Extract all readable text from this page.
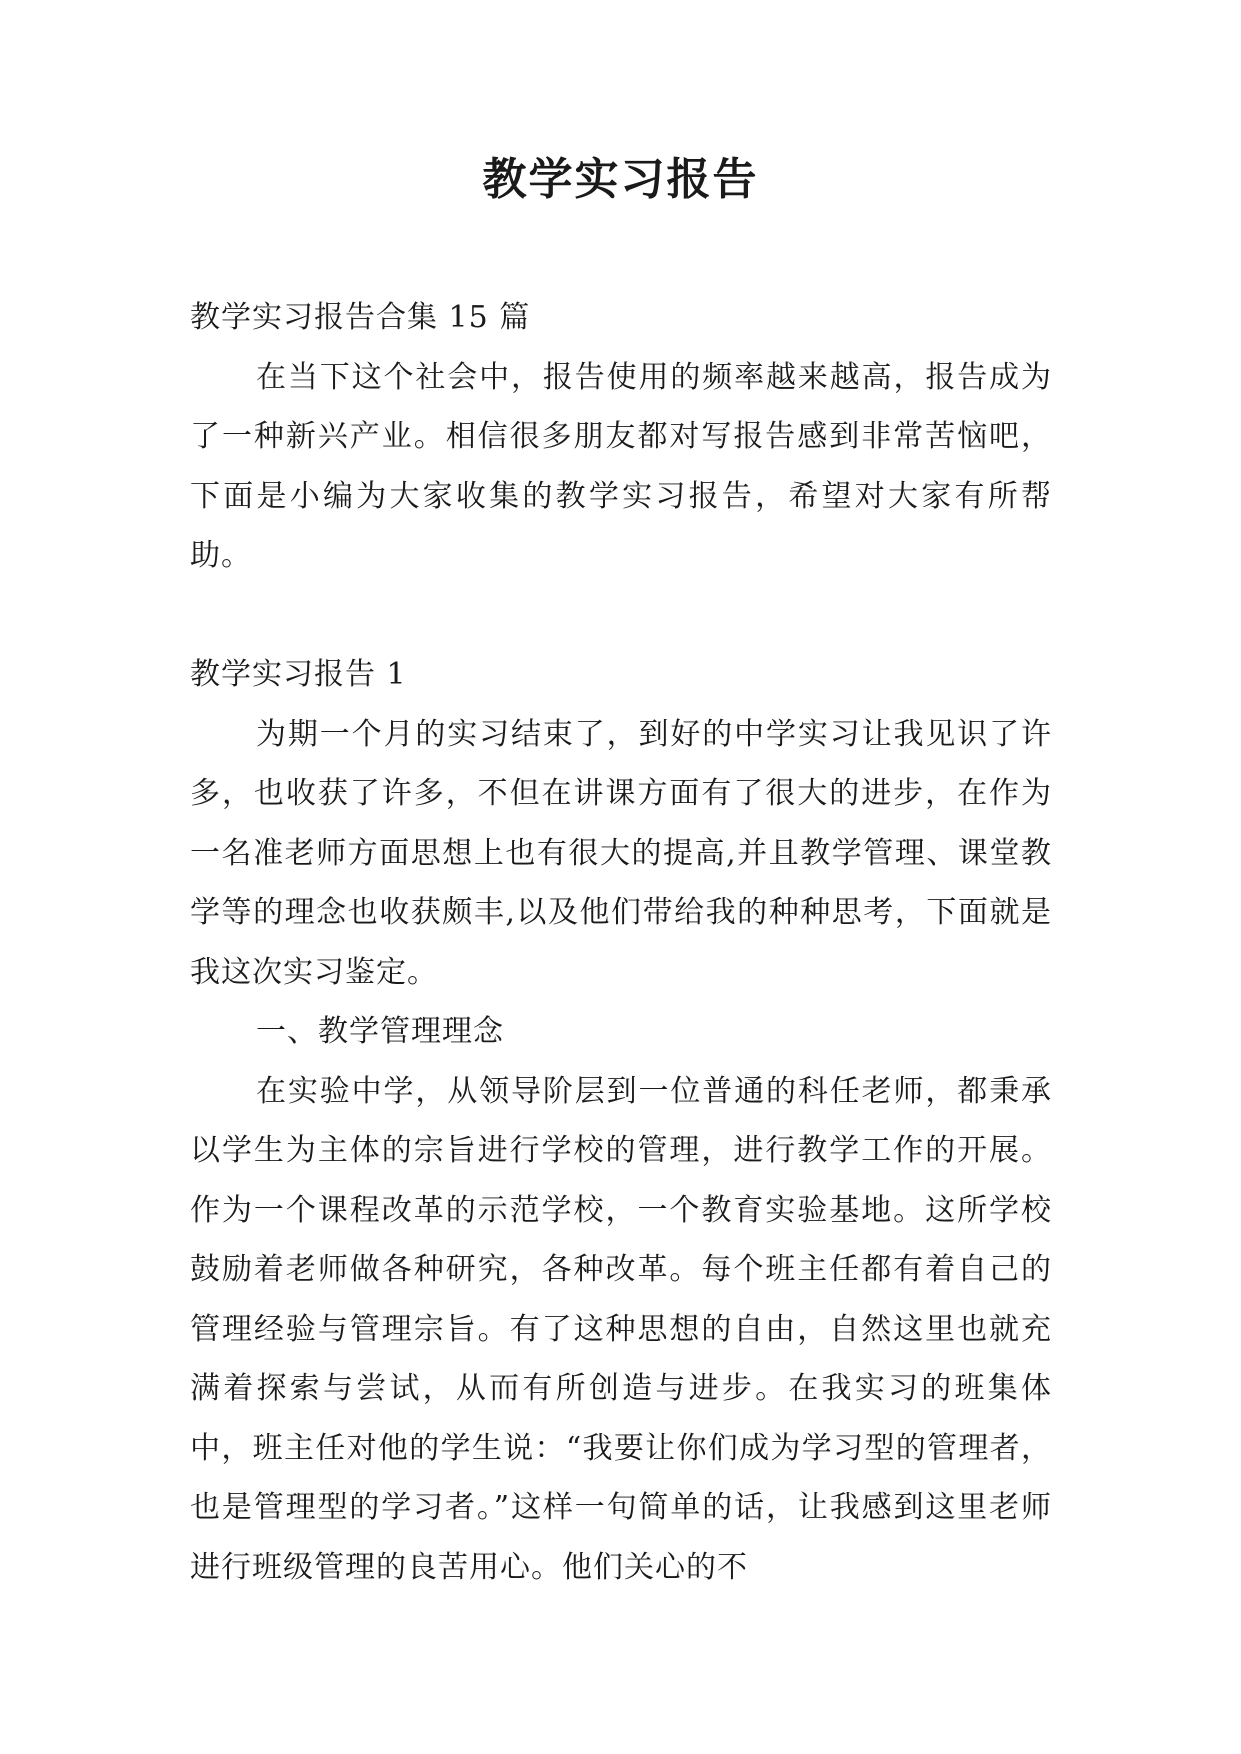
教学实习报告

教学实习报告合集 15 篇

在当下这个社会中，报告使用的频率越来越高，报告成为了一种新兴产业。相信很多朋友都对写报告感到非常苦恼吧，下面是小编为大家收集的教学实习报告，希望对大家有所帮助。

教学实习报告 1

为期一个月的实习结束了，到好的中学实习让我见识了许多，也收获了许多，不但在讲课方面有了很大的进步，在作为一名准老师方面思想上也有很大的提高,并且教学管理、课堂教学等的理念也收获颇丰,以及他们带给我的种种思考，下面就是我这次实习鉴定。

一、教学管理理念

在实验中学，从领导阶层到一位普通的科任老师，都秉承以学生为主体的宗旨进行学校的管理，进行教学工作的开展。作为一个课程改革的示范学校，一个教育实验基地。这所学校鼓励着老师做各种研究，各种改革。每个班主任都有着自己的管理经验与管理宗旨。有了这种思想的自由，自然这里也就充满着探索与尝试，从而有所创造与进步。在我实习的班集体中，班主任对他的学生说：“我要让你们成为学习型的管理者，也是管理型的学习者。”这样一句简单的话，让我感到这里老师进行班级管理的良苦用心。他们关心的不
